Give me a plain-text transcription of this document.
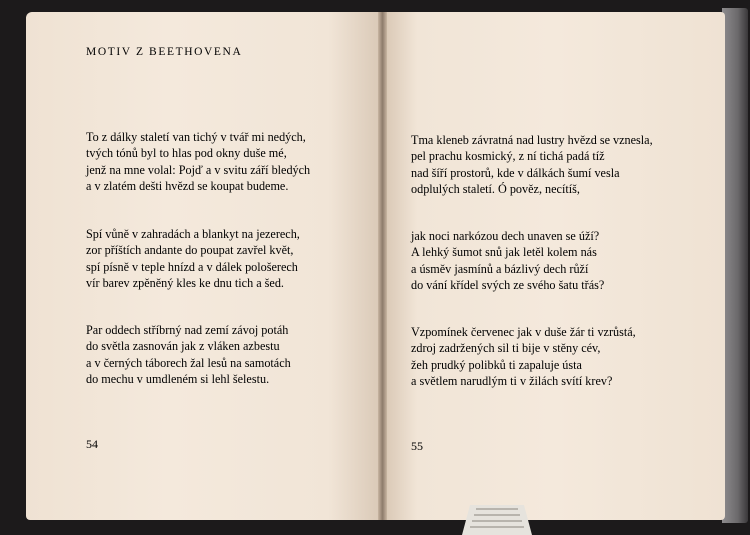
MOTIV Z BEETHOVENA
To z dálky staletí van tichý v tvář mi nedých,
tvých tónů byl to hlas pod okny duše mé,
jenž na mne volal: Pojď a v svitu září bledých
a v zlatém dešti hvězd se koupat budeme.
Spí vůně v zahradách a blankyt na jezerech,
zor příštích andante do poupat zavřel květ,
spí písně v teple hnízd a v dálek pološerech
vír barev zpěněný kles ke dnu tich a šed.
Par oddech stříbrný nad zemí závoj potáh
do světla zasnován jak z vláken azbestu
a v černých táborech žal lesů na samotách
do mechu v umdleném si lehl šelestu.
54
Tma kleneb závratná nad lustry hvězd se vznesla,
pel prachu kosmický, z ní tichá padá tíž
nad šíří prostorů, kde v dálkách šumí vesla
odplulých staletí. Ó pověz, necítíš,
jak noci narkózou dech unaven se úží?
A lehký šumot snů jak letěl kolem nás
a úsměv jasmínů a bázlivý dech růží
do vání křídel svých ze svého šatu třás?
Vzpomínek červenec jak v duše žár ti vzrůstá,
zdroj zadržených sil ti bije v stěny cév,
žeh prudký polibků ti zapaluje ústa
a světlem narudlým ti v žilách svítí krev?
55
